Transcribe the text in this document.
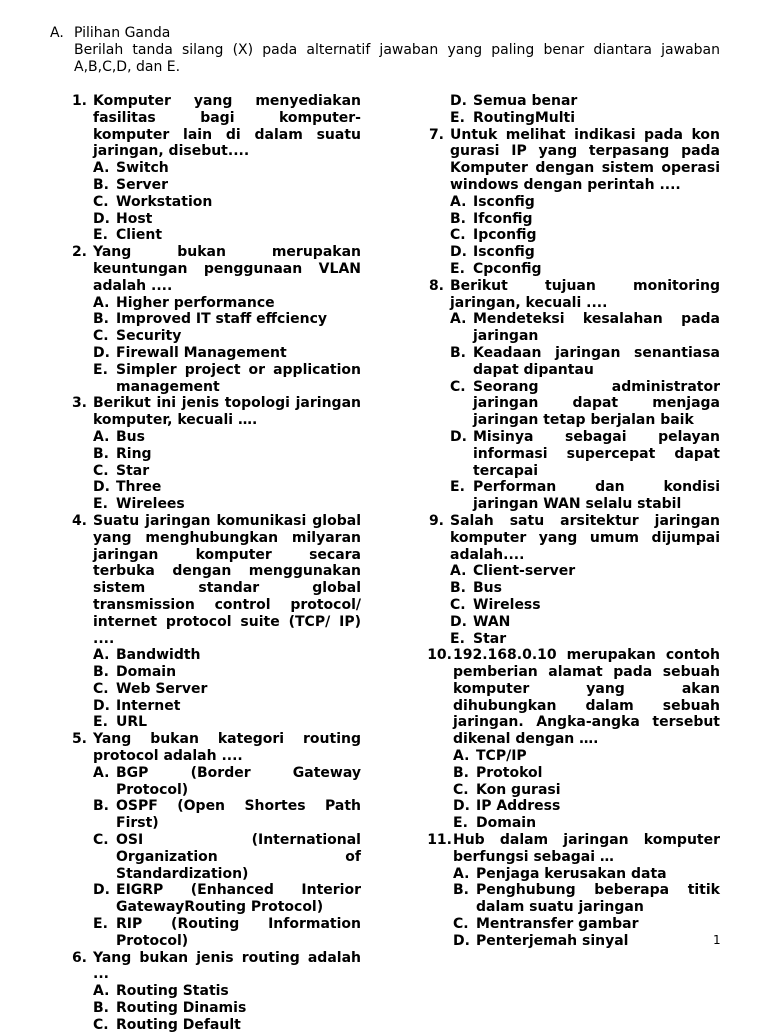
A. Pilihan Ganda
Berilah tanda silang (X) pada alternatif jawaban yang paling benar diantara jawaban A,B,C,D, dan E.
1. Komputer yang menyediakan fasilitas bagi komputer- komputer lain di dalam suatu jaringan, disebut....
A. Switch
B. Server
C. Workstation
D. Host
E. Client
2. Yang bukan merupakan keuntungan penggunaan VLAN adalah ....
A. Higher performance
B. Improved IT staff effciency
C. Security
D. Firewall Management
E. Simpler project or application management
3. Berikut ini jenis topologi jaringan komputer, kecuali ….
A. Bus
B. Ring
C. Star
D. Three
E. Wirelees
4. Suatu jaringan komunikasi global yang menghubungkan milyaran jaringan komputer secara terbuka dengan menggunakan sistem standar global transmission control protocol/ internet protocol suite (TCP/ IP) ....
A. Bandwidth
B. Domain
C. Web Server
D. Internet
E. URL
5. Yang bukan kategori routing protocol adalah ....
A. BGP (Border Gateway Protocol)
B. OSPF (Open Shortes Path First)
C. OSI (International Organization of Standardization)
D. EIGRP (Enhanced Interior GatewayRouting Protocol)
E. RIP (Routing Information Protocol)
6. Yang bukan jenis routing adalah ...
A. Routing Statis
B. Routing Dinamis
C. Routing Default
D. Semua benar
E. RoutingMulti
7. Untuk melihat indikasi pada kon gurasi IP yang terpasang pada Komputer dengan sistem operasi windows dengan perintah ....
A. Isconfig
B. Ifconfig
C. Ipconfig
D. Isconfig
E. Cpconfig
8. Berikut tujuan monitoring jaringan, kecuali ....
A. Mendeteksi kesalahan pada jaringan
B. Keadaan jaringan senantiasa dapat dipantau
C. Seorang administrator jaringan dapat menjaga jaringan tetap berjalan baik
D. Misinya sebagai pelayan informasi supercepat dapat tercapai
E. Performan dan kondisi jaringan WAN selalu stabil
9. Salah satu arsitektur jaringan komputer yang umum dijumpai adalah....
A. Client-server
B. Bus
C. Wireless
D. WAN
E. Star
10. 192.168.0.10 merupakan contoh pemberian alamat pada sebuah komputer yang akan dihubungkan dalam sebuah jaringan. Angka-angka tersebut dikenal dengan ….
A. TCP/IP
B. Protokol
C. Kon gurasi
D. IP Address
E. Domain
11. Hub dalam jaringan komputer berfungsi sebagai …
A. Penjaga kerusakan data
B. Penghubung beberapa titik dalam suatu jaringan
C. Mentransfer gambar
D. Penterjemah sinyal	1
